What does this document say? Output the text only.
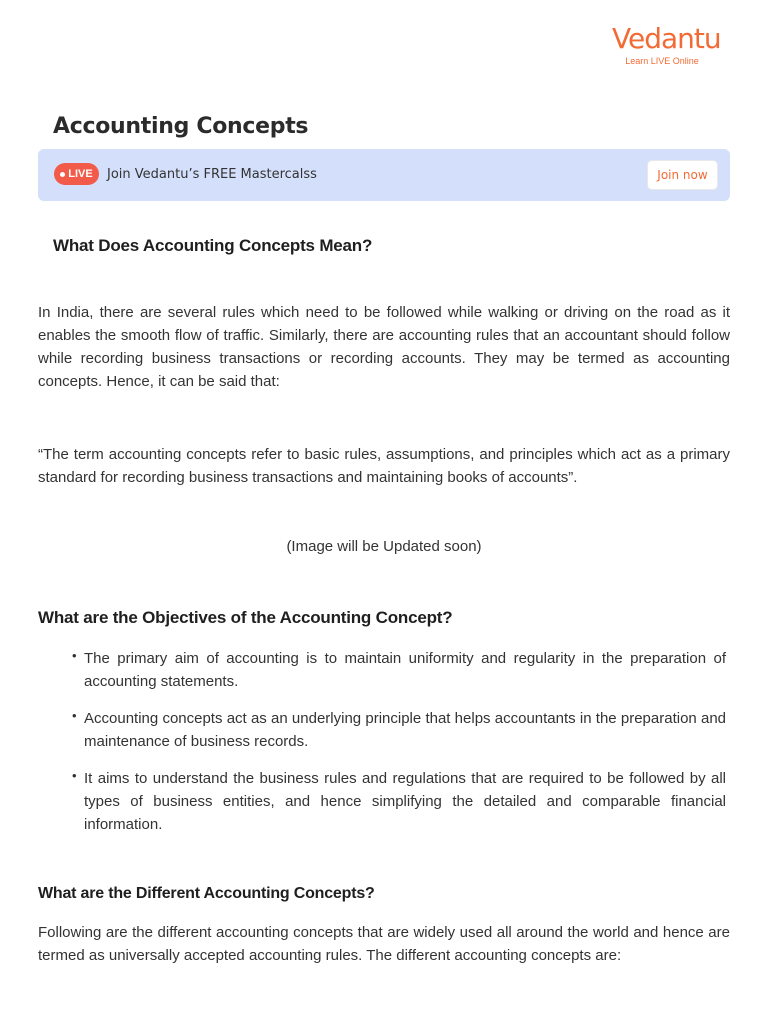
Vedantu
Learn LIVE Online
Accounting Concepts
LIVE Join Vedantu’s FREE Mastercalss	Join now
What Does Accounting Concepts Mean?

In India, there are several rules which need to be followed while walking or driving on the road as it enables the smooth flow of traffic. Similarly, there are accounting rules that an accountant should follow while recording business transactions or recording accounts. They may be termed as accounting concepts. Hence, it can be said that:

“The term accounting concepts refer to basic rules, assumptions, and principles which act as a primary standard for recording business transactions and maintaining books of accounts”.

(Image will be Updated soon)

What are the Objectives of the Accounting Concept?
• The primary aim of accounting is to maintain uniformity and regularity in the preparation of accounting statements.
• Accounting concepts act as an underlying principle that helps accountants in the preparation and maintenance of business records.
• It aims to understand the business rules and regulations that are required to be followed by all types of business entities, and hence simplifying the detailed and comparable financial information.
What are the Different Accounting Concepts?

Following are the different accounting concepts that are widely used all around the world and hence are termed as universally accepted accounting rules. The different accounting concepts are:
